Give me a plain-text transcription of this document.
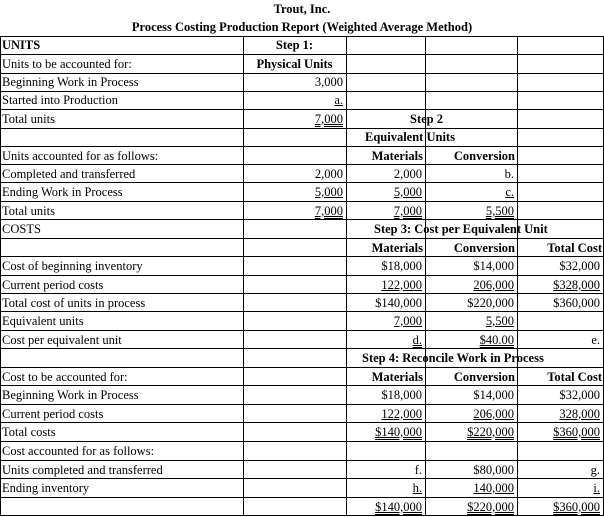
Trout, Inc.
Process Costing Production Report (Weighted Average Method)
UNITS	Step 1:
Physical Units
Units to be accounted for:
Beginning Work in Process	3,000
Started into Production	a.
Total units	7,000	Step 2
Equivalent Units
Materials	Conversion
Units accounted for as follows:
Completed and transferred	2,000	2,000	b.
Ending Work in Process	5,000	5,000	c.
Total units	7,000	7,000	5,500
COSTS	Step 3: Cost per Equivalent Unit
Materials	Conversion	Total Cost
Cost of beginning inventory	$18,000	$14,000	$32,000
Current period costs	122,000	206,000	$328,000
Total cost of units in process	$140,000	$220,000	$360,000
Equivalent units	7,000	5,500
Cost per equivalent unit	d.	$40.00	e.
Step 4: Reconcile Work in Process
Materials	Conversion	Total Cost
Cost to be accounted for:
Beginning Work in Process	$18,000	$14,000	$32,000
Current period costs	122,000	206,000	328,000
Total costs	$140,000	$220,000	$360,000
Cost accounted for as follows:
Units completed and transferred	f.	$80,000	g.
Ending inventory	h.	140,000	i.
$140,000	$220,000	$360,000
